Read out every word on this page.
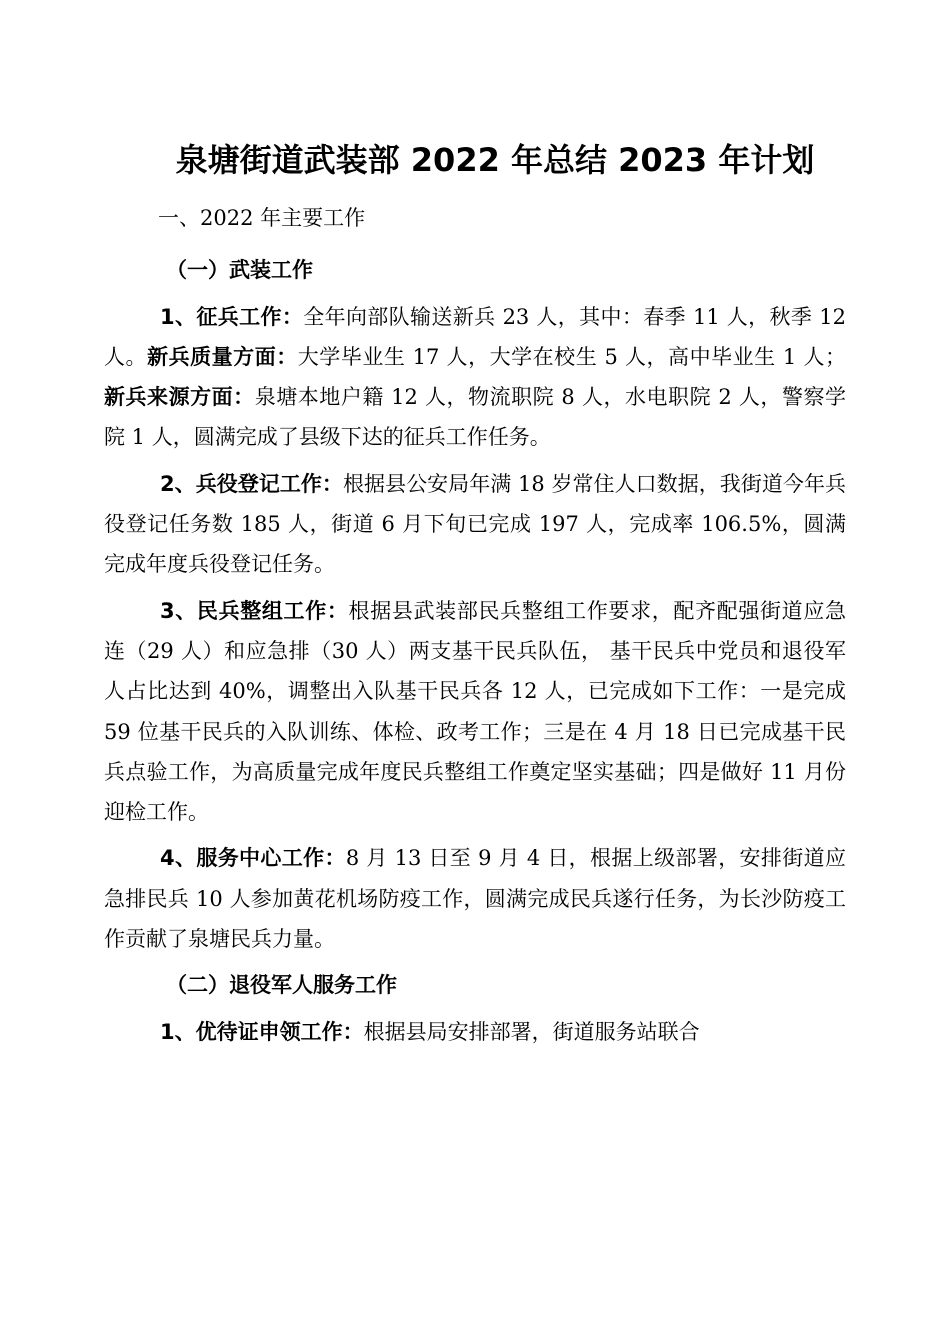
泉塘街道武装部 2022 年总结 2023 年计划

一、2022 年主要工作

（一）武装工作

1、征兵工作：全年向部队输送新兵 23 人，其中：春季 11 人，秋季 12 人。新兵质量方面：大学毕业生 17 人，大学在校生 5 人，高中毕业生 1 人；新兵来源方面：泉塘本地户籍 12 人，物流职院 8 人，水电职院 2 人，警察学院 1 人，圆满完成了县级下达的征兵工作任务。

2、兵役登记工作：根据县公安局年满 18 岁常住人口数据，我街道今年兵役登记任务数 185 人，街道 6 月下旬已完成 197 人，完成率 106.5%，圆满完成年度兵役登记任务。

3、民兵整组工作：根据县武装部民兵整组工作要求，配齐配强街道应急连（29 人）和应急排（30 人）两支基干民兵队伍， 基干民兵中党员和退役军人占比达到 40%，调整出入队基干民兵各 12 人，已完成如下工作：一是完成 59 位基干民兵的入队训练、体检、政考工作；三是在 4 月 18 日已完成基干民兵点验工作，为高质量完成年度民兵整组工作奠定坚实基础；四是做好 11 月份迎检工作。

4、服务中心工作：8 月 13 日至 9 月 4 日，根据上级部署，安排街道应急排民兵 10 人参加黄花机场防疫工作，圆满完成民兵遂行任务，为长沙防疫工作贡献了泉塘民兵力量。

（二）退役军人服务工作

1、优待证申领工作：根据县局安排部署，街道服务站联合
